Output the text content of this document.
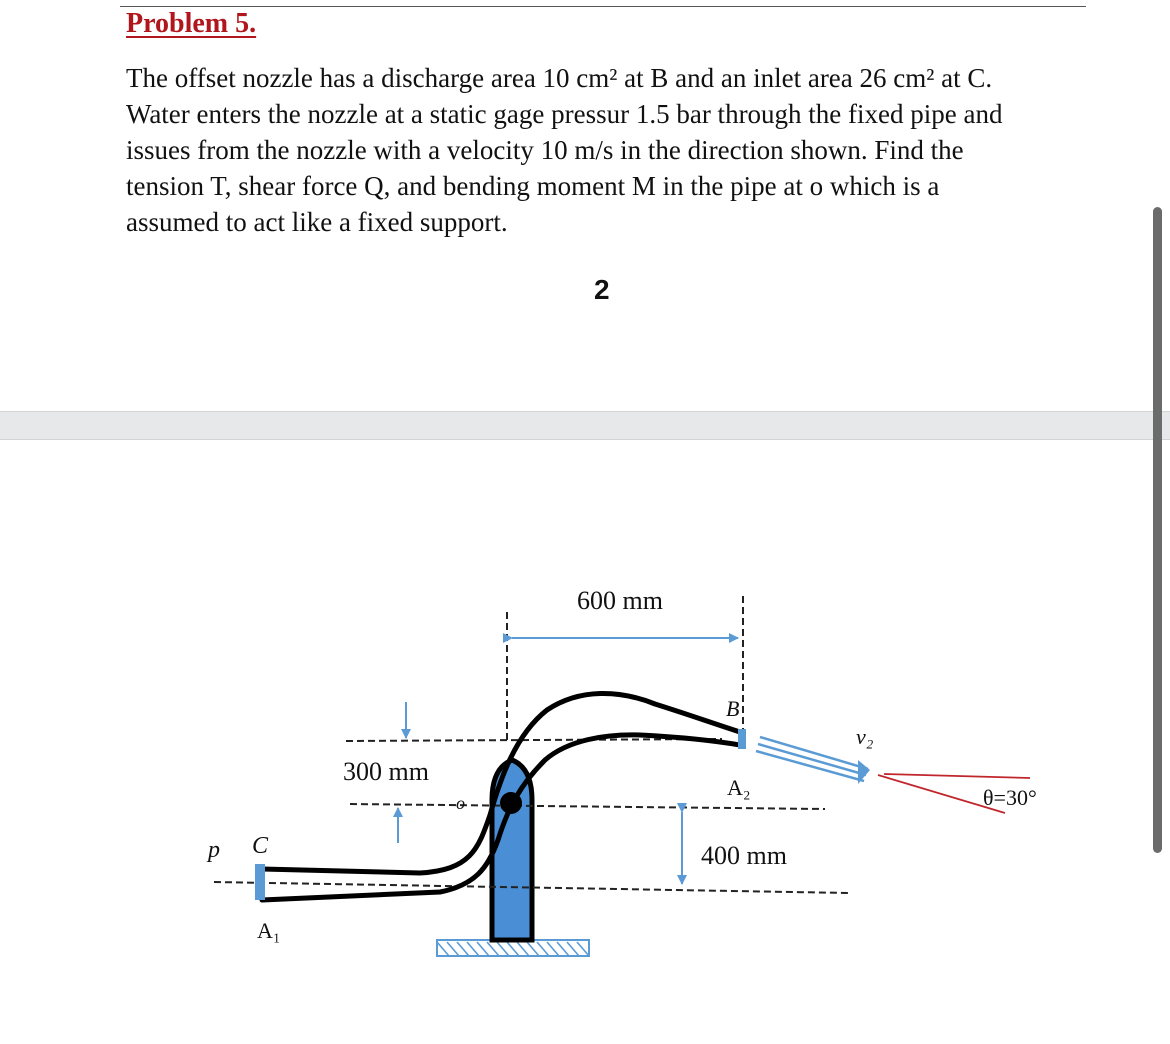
Problem 5.
The offset nozzle has a discharge area 10 cm² at B and an inlet area 26 cm² at C.
Water enters the nozzle at a static gage pressur 1.5 bar through the fixed pipe and
issues from the nozzle with a velocity 10 m/s in the direction shown. Find the
tension T, shear force Q, and bending moment M in the pipe at o which is a
assumed to act like a fixed support.
2
600 mm
300 mm
400 mm
B
A₂
v₂
θ=30°
p C
A₁
o
